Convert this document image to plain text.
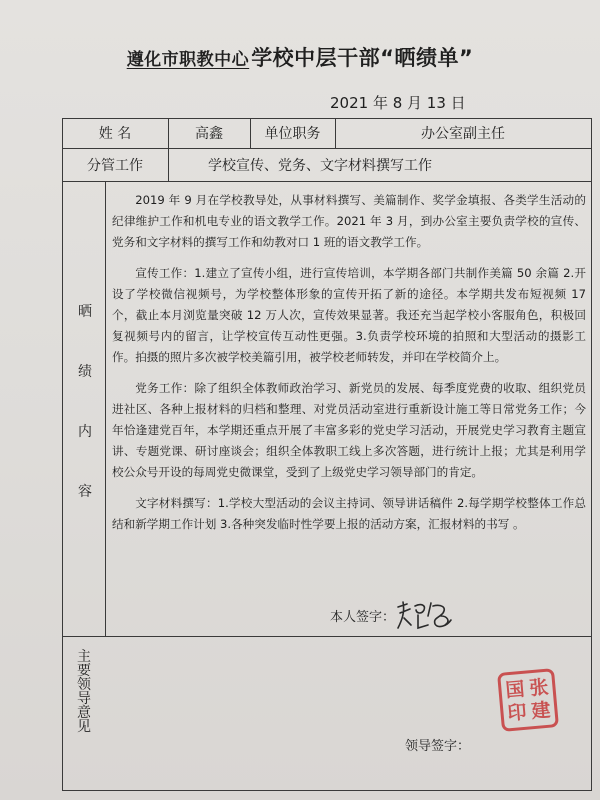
遵化市职教中心学校中层干部“晒绩单”
2021 年 8 月 13 日
姓 名	高鑫	单位职务	办公室副主任
分管工作	学校宣传、党务、文字材料撰写工作
晒
绩
内
容

2019 年 9 月在学校教导处，从事材料撰写、美篇制作、奖学金填报、各类学生活动的纪律维护工作和机电专业的语文教学工作。2021 年 3 月，到办公室主要负责学校的宣传、党务和文字材料的撰写工作和幼教对口 1 班的语文教学工作。

宣传工作：1.建立了宣传小组，进行宣传培训，本学期各部门共制作美篇 50 余篇 2.开设了学校微信视频号，为学校整体形象的宣传开拓了新的途径。本学期共发布短视频 17 个，截止本月浏览量突破 12 万人次，宣传效果显著。我还充当起学校小客服角色，积极回复视频号内的留言，让学校宣传互动性更强。3.负责学校环境的拍照和大型活动的摄影工作。拍摄的照片多次被学校美篇引用，被学校老师转发，并印在学校简介上。

党务工作：除了组织全体教师政治学习、新党员的发展、每季度党费的收取、组织党员进社区、各种上报材料的归档和整理、对党员活动室进行重新设计施工等日常党务工作；今年恰逢建党百年，本学期还重点开展了丰富多彩的党史学习活动，开展党史学习教育主题宣讲、专题党课、研讨座谈会；组织全体教职工线上多次答题，进行统计上报；尤其是利用学校公众号开设的每周党史微课堂，受到了上级党史学习领导部门的肯定。

文字材料撰写：1.学校大型活动的会议主持词、领导讲话稿件 2.每学期学校整体工作总结和新学期工作计划 3.各种突发临时性学要上报的活动方案，汇报材料的书写 。

本人签字：
主
要
领
导
意
见
国 张
印 建
领导签字：
